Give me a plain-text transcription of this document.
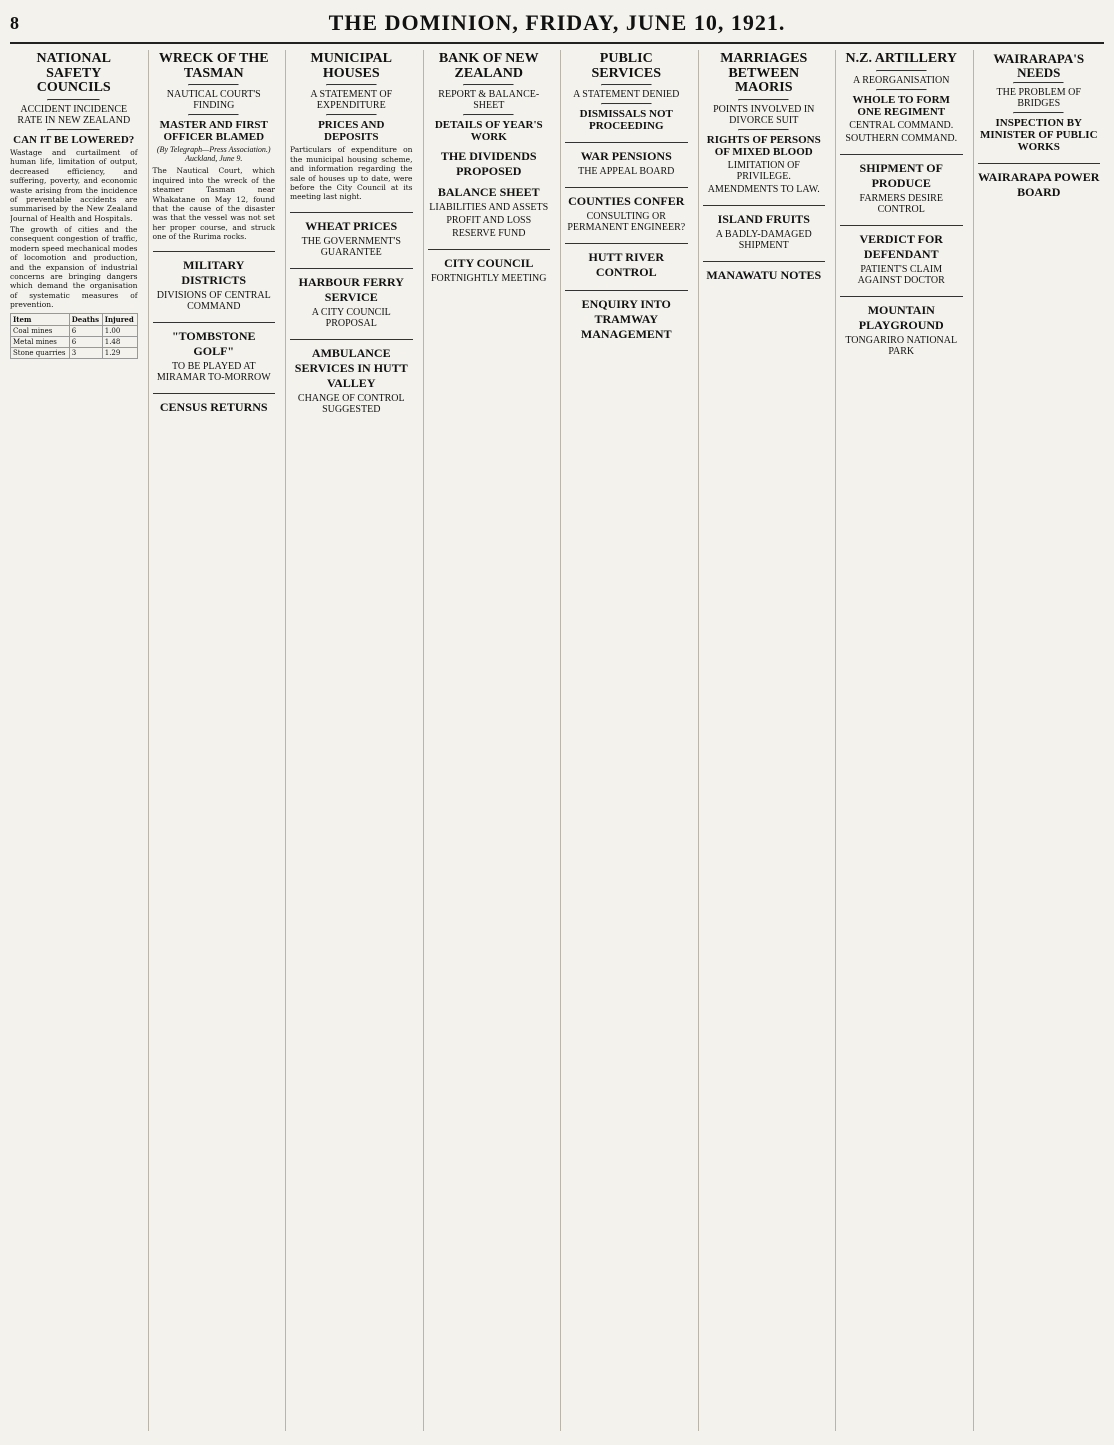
8	THE DOMINION, FRIDAY, JUNE 10, 1921.
NATIONAL SAFETY COUNCILS
ACCIDENT INCIDENCE RATE IN NEW ZEALAND
CAN IT BE LOWERED?

Wastage and curtailment of human life, limitation of output, decreased efficiency, and suffering, poverty, and economic waste arising from the incidence of preventable accidents are summarised by the New Zealand Journal of Health and Hospitals.

The growth of cities and the consequent congestion of traffic, modern speed mechanical modes of locomotion and production, and the expansion of industrial concerns are bringing dangers which demand the organisation of systematic measures of prevention.

Item	Deaths	Injured
Coal mines	6	1.00
Metal mines	6	1.48
Stone quarries	3	1.29
WRECK OF THE TASMAN
NAUTICAL COURT'S FINDING
MASTER AND FIRST OFFICER BLAMED
(By Telegraph—Press Association.) Auckland, June 9.

The Nautical Court, which inquired into the wreck of the steamer Tasman near Whakatane on May 12, found that the cause of the disaster was that the vessel was not set her proper course, and struck one of the Rurima rocks.

MILITARY DISTRICTS
DIVISIONS OF CENTRAL COMMAND
"TOMBSTONE GOLF"
TO BE PLAYED AT MIRAMAR TO-MORROW
CENSUS RETURNS
MUNICIPAL HOUSES
A STATEMENT OF EXPENDITURE
PRICES AND DEPOSITS

Particulars of expenditure on the municipal housing scheme, and information regarding the sale of houses up to date, were before the City Council at its meeting last night.

WHEAT PRICES
THE GOVERNMENT'S GUARANTEE
HARBOUR FERRY SERVICE
A CITY COUNCIL PROPOSAL
AMBULANCE SERVICES IN HUTT VALLEY
CHANGE OF CONTROL SUGGESTED
BANK OF NEW ZEALAND
REPORT & BALANCE-SHEET
DETAILS OF YEAR'S WORK
THE DIVIDENDS PROPOSED
BALANCE SHEET
LIABILITIES AND ASSETS
PROFIT AND LOSS
RESERVE FUND
CITY COUNCIL
FORTNIGHTLY MEETING
PUBLIC SERVICES
A STATEMENT DENIED
DISMISSALS NOT PROCEEDING
WAR PENSIONS
THE APPEAL BOARD
COUNTIES CONFER
CONSULTING OR PERMANENT ENGINEER?
HUTT RIVER CONTROL
ENQUIRY INTO TRAMWAY MANAGEMENT
MARRIAGES BETWEEN MAORIS
POINTS INVOLVED IN DIVORCE SUIT
RIGHTS OF PERSONS OF MIXED BLOOD
LIMITATION OF PRIVILEGE.
AMENDMENTS TO LAW.
ISLAND FRUITS
A BADLY-DAMAGED SHIPMENT
MANAWATU NOTES
N.Z. ARTILLERY
A REORGANISATION
WHOLE TO FORM ONE REGIMENT
CENTRAL COMMAND.
SOUTHERN COMMAND.
SHIPMENT OF PRODUCE
FARMERS DESIRE CONTROL
VERDICT FOR DEFENDANT
PATIENT'S CLAIM AGAINST DOCTOR
MOUNTAIN PLAYGROUND
TONGARIRO NATIONAL PARK
WAIRARAPA'S NEEDS
THE PROBLEM OF BRIDGES
INSPECTION BY MINISTER OF PUBLIC WORKS
WAIRARAPA POWER BOARD
